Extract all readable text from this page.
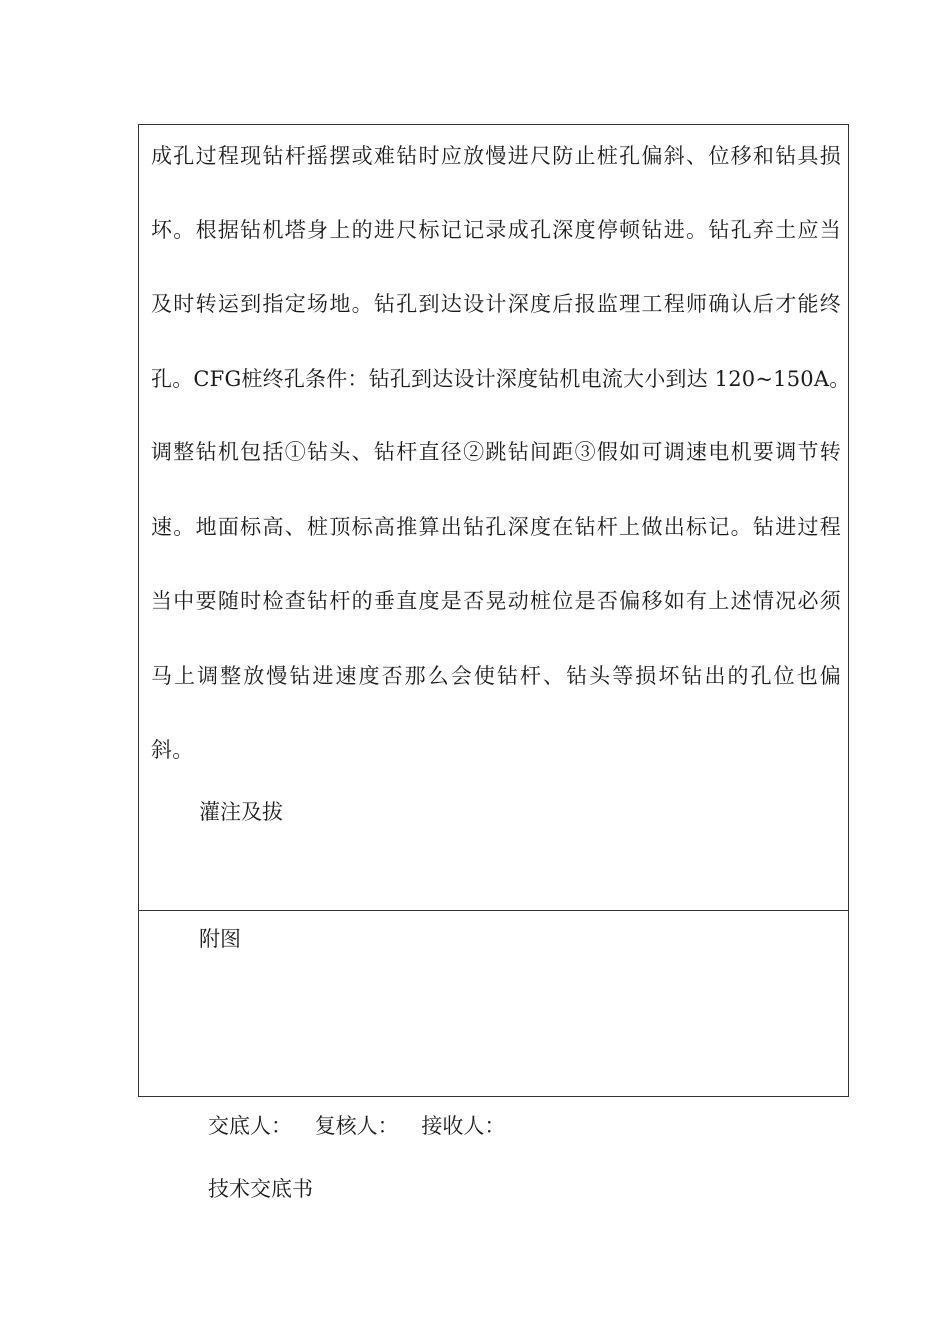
成孔过程现钻杆摇摆或难钻时应放慢进尺防止桩孔偏斜、位移和钻具损
坏。根据钻机塔身上的进尺标记记录成孔深度停顿钻进。钻孔弃土应当
及时转运到指定场地。钻孔到达设计深度后报监理工程师确认后才能终
孔。CFG桩终孔条件：钻孔到达设计深度钻机电流大小到达 120~150A。
调整钻机包括①钻头、钻杆直径②跳钻间距③假如可调速电机要调节转
速。地面标高、桩顶标高推算出钻孔深度在钻杆上做出标记。钻进过程
当中要随时检查钻杆的垂直度是否晃动桩位是否偏移如有上述情况必须
马上调整放慢钻进速度否那么会使钻杆、钻头等损坏钻出的孔位也偏
斜。
灌注及拔
附图
交底人： 复核人： 接收人：
技术交底书
